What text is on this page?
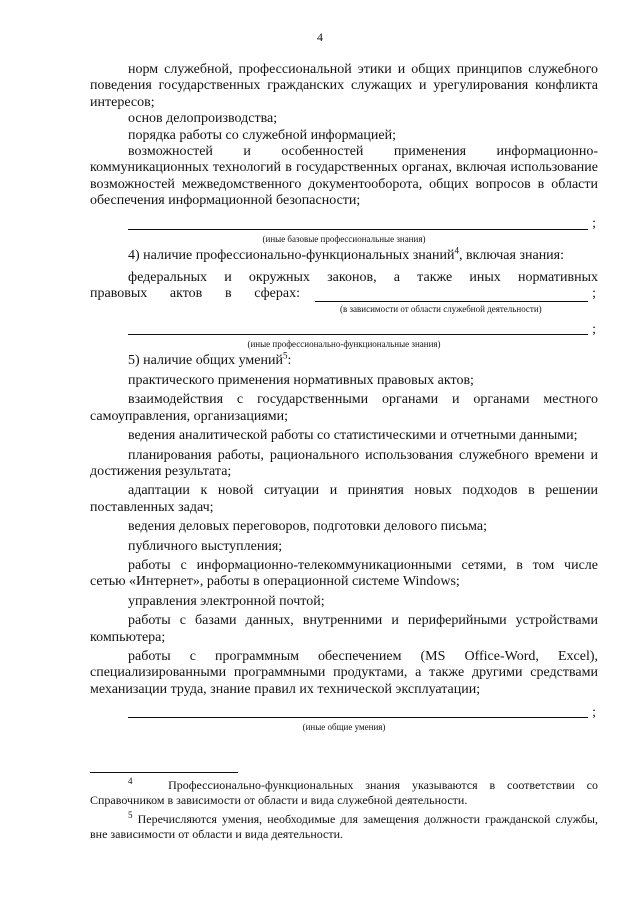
4

норм служебной, профессиональной этики и общих принципов служебного поведения государственных гражданских служащих и урегулирования конфликта интересов;

основ делопроизводства;

порядка работы со служебной информацией;

возможностей и особенностей применения информационно-коммуникационных технологий в государственных органах, включая использование возможностей межведомственного документооборота, общих вопросов в области обеспечения информационной безопасности;

;
(иные базовые профессиональные знания)

4) наличие профессионально-функциональных знаний$^4$, включая знания:

федеральных и окружных законов, а также иных нормативных

правовых актов в сферах:	;
(в зависимости от области служебной деятельности)
;
(иные профессионально-функциональные знания)

5) наличие общих умений$^5$:

практического применения нормативных правовых актов;

взаимодействия с государственными органами и органами местного самоуправления, организациями;

ведения аналитической работы со статистическими и отчетными данными;

планирования работы, рационального использования служебного времени и достижения результата;

адаптации к новой ситуации и принятия новых подходов в решении поставленных задач;

ведения деловых переговоров, подготовки делового письма;

публичного выступления;

работы с информационно-телекоммуникационными сетями, в том числе сетью «Интернет», работы в операционной системе Windows;

управления электронной почтой;

работы с базами данных, внутренними и периферийными устройствами компьютера;

работы с программным обеспечением (MS Office-Word, Excel), специализированными программными продуктами, а также другими средствами механизации труда, знание правил их технической эксплуатации;

;
(иные общие умения)

$^4$	Профессионально-функциональных знания указываются в соответствии со Справочником в зависимости от области и вида служебной деятельности.

$^5$ Перечисляются умения, необходимые для замещения должности гражданской службы, вне зависимости от области и вида деятельности.
